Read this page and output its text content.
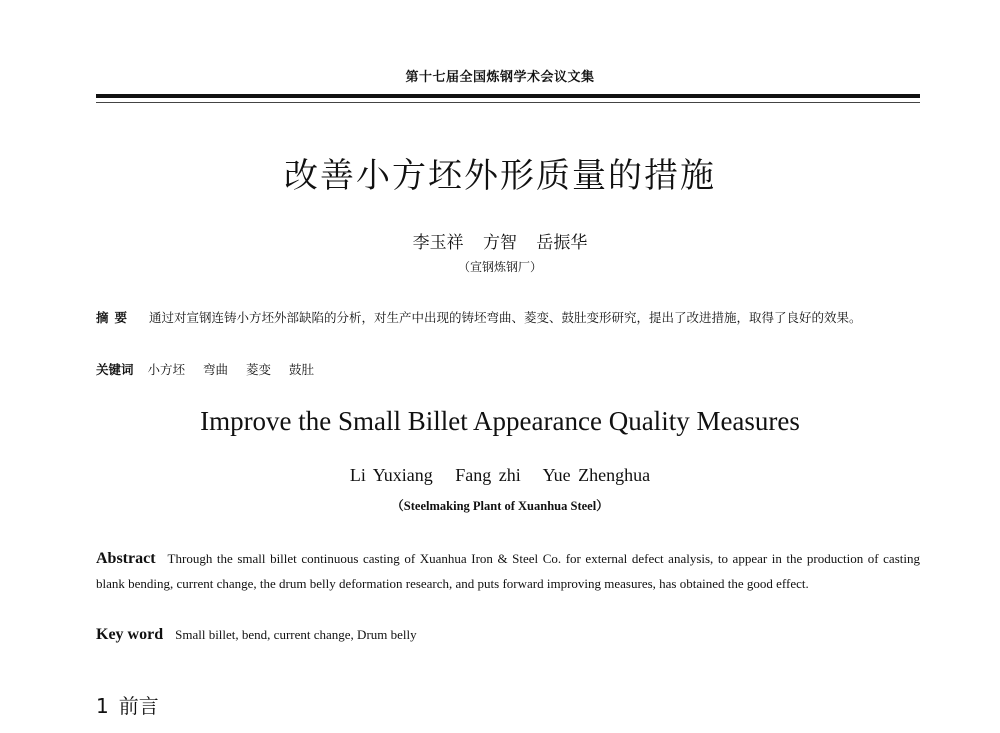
第十七届全国炼钢学术会议文集
改善小方坯外形质量的措施
李玉祥 方智 岳振华
（宣钢炼钢厂）
摘要 通过对宣钢连铸小方坯外部缺陷的分析，对生产中出现的铸坯弯曲、菱变、鼓肚变形研究，提出了改进措施，取得了良好的效果。
关键词 小方坯 弯曲 菱变 鼓肚
Improve the Small Billet Appearance Quality Measures
Li Yuxiang Fang zhi Yue Zhenghua
（Steelmaking Plant of Xuanhua Steel）
Abstract Through the small billet continuous casting of Xuanhua Iron & Steel Co. for external defect analysis, to appear in the production of casting blank bending, current change, the drum belly deformation research, and puts forward improving measures, has obtained the good effect.
Key word Small billet, bend, current change, Drum belly
1 前言
